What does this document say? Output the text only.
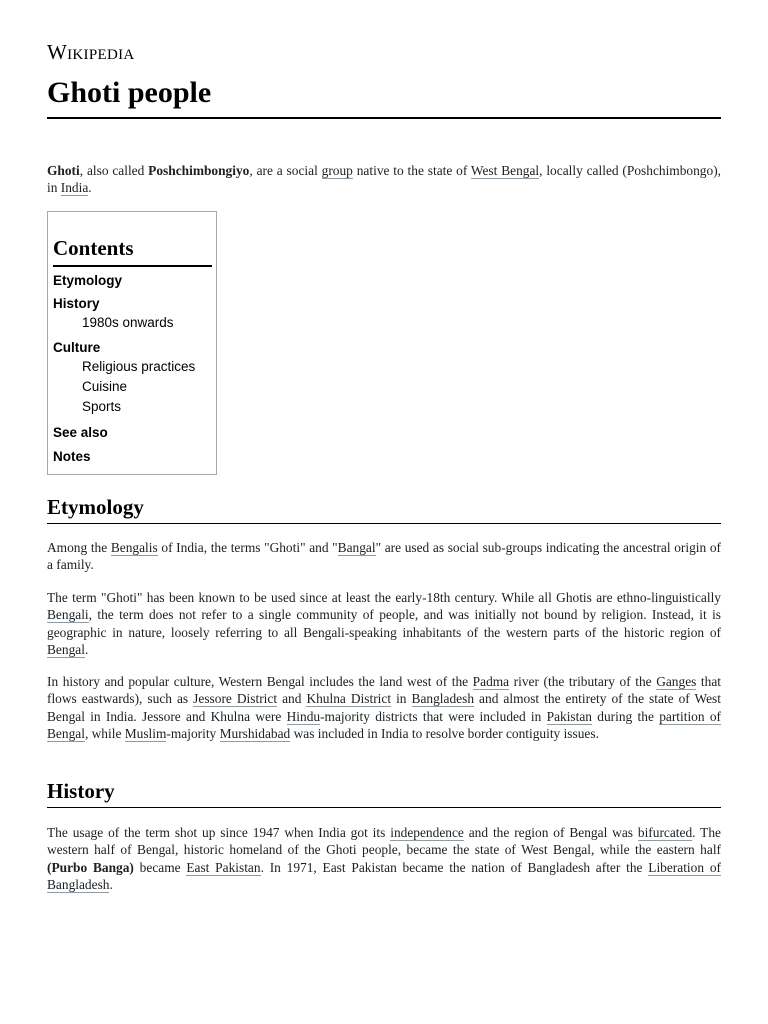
Wikipedia
Ghoti people

Ghoti, also called Poshchimbongiyo, are a social group native to the state of West Bengal, locally called (Poshchimbongo), in India.

Contents
Etymology
History
1980s onwards
Culture
Religious practices
Cuisine
Sports
See also
Notes
Etymology

Among the Bengalis of India, the terms "Ghoti" and "Bangal" are used as social sub-groups indicating the ancestral origin of a family.

The term "Ghoti" has been known to be used since at least the early-18th century. While all Ghotis are ethno-linguistically Bengali, the term does not refer to a single community of people, and was initially not bound by religion. Instead, it is geographic in nature, loosely referring to all Bengali-speaking inhabitants of the western parts of the historic region of Bengal.

In history and popular culture, Western Bengal includes the land west of the Padma river (the tributary of the Ganges that flows eastwards), such as Jessore District and Khulna District in Bangladesh and almost the entirety of the state of West Bengal in India. Jessore and Khulna were Hindu-majority districts that were included in Pakistan during the partition of Bengal, while Muslim-majority Murshidabad was included in India to resolve border contiguity issues.

History

The usage of the term shot up since 1947 when India got its independence and the region of Bengal was bifurcated. The western half of Bengal, historic homeland of the Ghoti people, became the state of West Bengal, while the eastern half (Purbo Banga) became East Pakistan. In 1971, East Pakistan became the nation of Bangladesh after the Liberation of Bangladesh.
